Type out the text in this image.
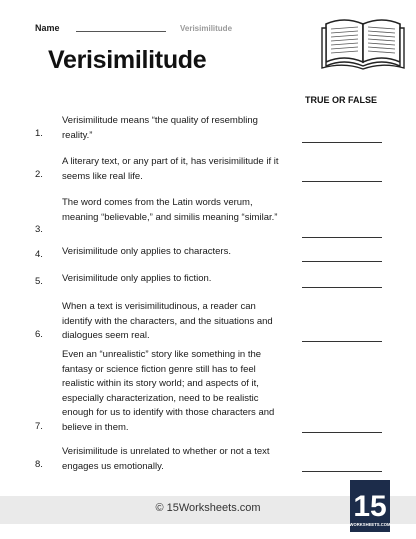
Name	Verisimilitude
Verisimilitude
TRUE OR FALSE
Verisimilitude means “the quality of resembling reality.”
1.
A literary text, or any part of it, has verisimilitude if it seems like real life.
2.
The word comes from the Latin words verum, meaning “believable,” and similis meaning “similar.”
3.
Verisimilitude only applies to characters.
4.
Verisimilitude only applies to fiction.
5.
When a text is verisimilitudinous, a reader can identify with the characters, and the situations and dialogues seem real.
6.
Even an “unrealistic” story like something in the fantasy or science fiction genre still has to feel realistic within its story world; and aspects of it, especially characterization, need to be realistic enough for us to identify with those characters and believe in them.
7.
Verisimilitude is unrelated to whether or not a text engages us emotionally.
8.
© 15Worksheets.com	15
WORKSHEETS.COM
